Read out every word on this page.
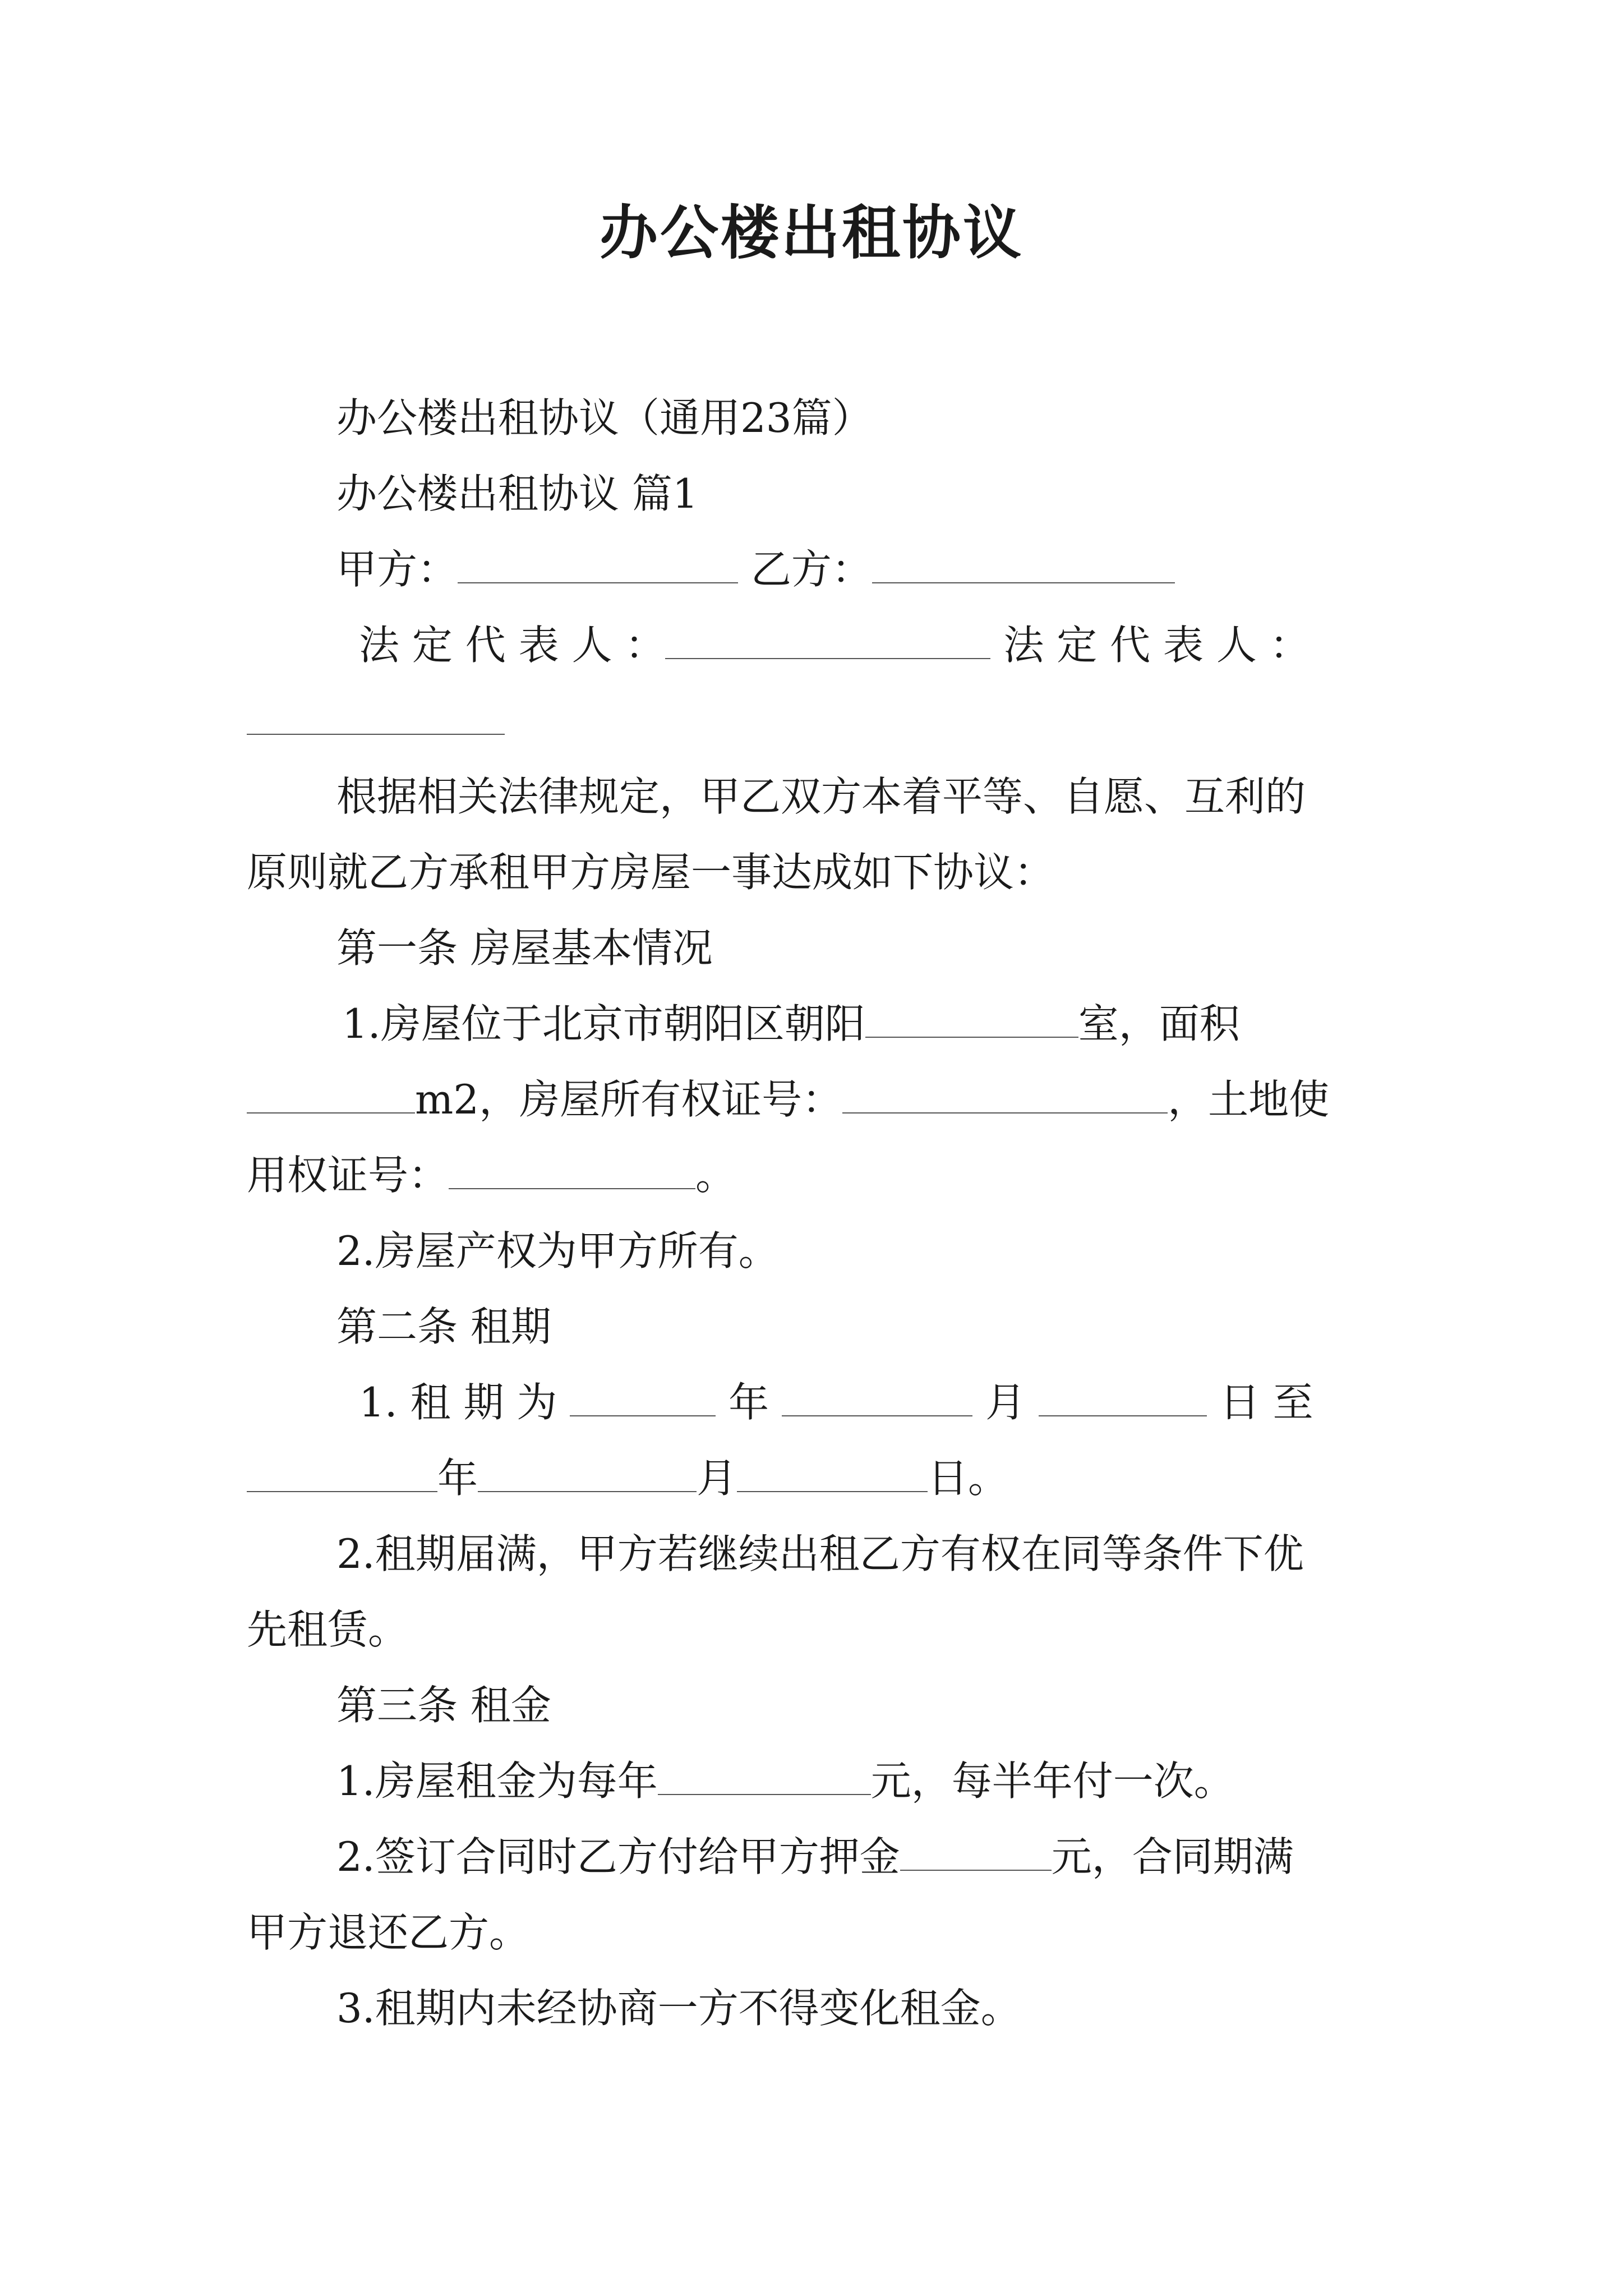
办公楼出租协议
办公楼出租协议（通用23篇）
办公楼出租协议 篇1
甲方：	乙方：
法 定 代 表 人 ：	法 定 代 表 人 ：
根据相关法律规定，甲乙双方本着平等、自愿、互利的
原则就乙方承租甲方房屋一事达成如下协议：
第一条 房屋基本情况
1.房屋位于北京市朝阳区朝阳	室，面积
m2，房屋所有权证号：	，土地使
用权证号：	。
2.房屋产权为甲方所有。
第二条 租期
1. 租 期 为	年	月	日 至
年	月	日。
2.租期届满，甲方若继续出租乙方有权在同等条件下优
先租赁。
第三条 租金
1.房屋租金为每年	元，每半年付一次。
2.签订合同时乙方付给甲方押金	元，合同期满
甲方退还乙方。
3.租期内未经协商一方不得变化租金。
